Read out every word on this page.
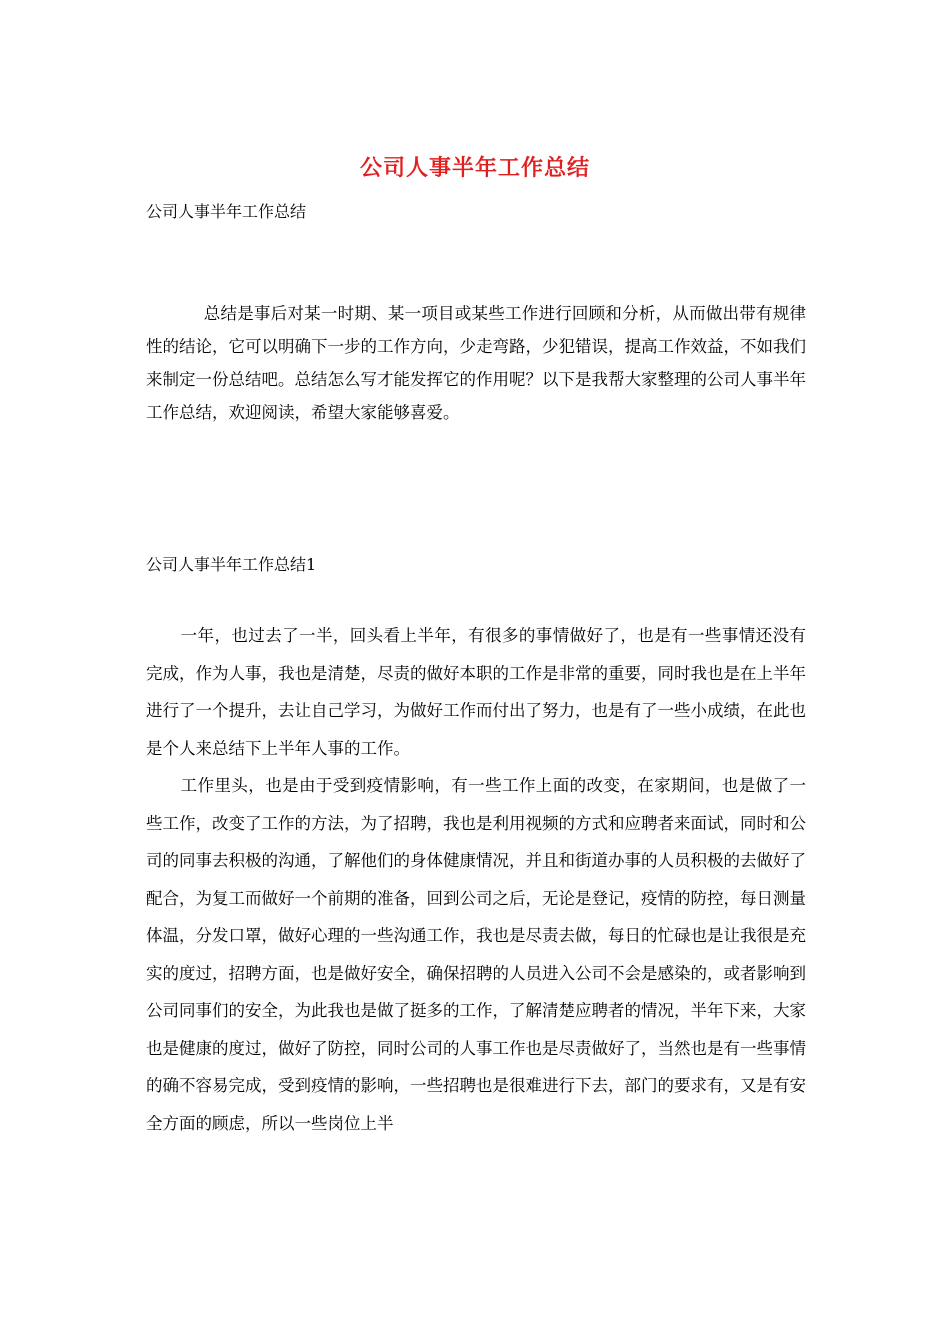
公司人事半年工作总结
公司人事半年工作总结

总结是事后对某一时期、某一项目或某些工作进行回顾和分析，从而做出带有规律性的结论，它可以明确下一步的工作方向，少走弯路，少犯错误，提高工作效益，不如我们来制定一份总结吧。总结怎么写才能发挥它的作用呢？以下是我帮大家整理的公司人事半年工作总结，欢迎阅读，希望大家能够喜爱。

公司人事半年工作总结1

一年，也过去了一半，回头看上半年，有很多的事情做好了，也是有一些事情还没有完成，作为人事，我也是清楚，尽责的做好本职的工作是非常的重要，同时我也是在上半年进行了一个提升，去让自己学习，为做好工作而付出了努力，也是有了一些小成绩，在此也是个人来总结下上半年人事的工作。

工作里头，也是由于受到疫情影响，有一些工作上面的改变，在家期间，也是做了一些工作，改变了工作的方法，为了招聘，我也是利用视频的方式和应聘者来面试，同时和公司的同事去积极的沟通，了解他们的身体健康情况，并且和街道办事的人员积极的去做好了配合，为复工而做好一个前期的准备，回到公司之后，无论是登记，疫情的防控，每日测量体温，分发口罩，做好心理的一些沟通工作，我也是尽责去做，每日的忙碌也是让我很是充实的度过，招聘方面，也是做好安全，确保招聘的人员进入公司不会是感染的，或者影响到公司同事们的安全，为此我也是做了挺多的工作，了解清楚应聘者的情况，半年下来，大家也是健康的度过，做好了防控，同时公司的人事工作也是尽责做好了，当然也是有一些事情的确不容易完成，受到疫情的影响，一些招聘也是很难进行下去，部门的要求有，又是有安全方面的顾虑，所以一些岗位上半
